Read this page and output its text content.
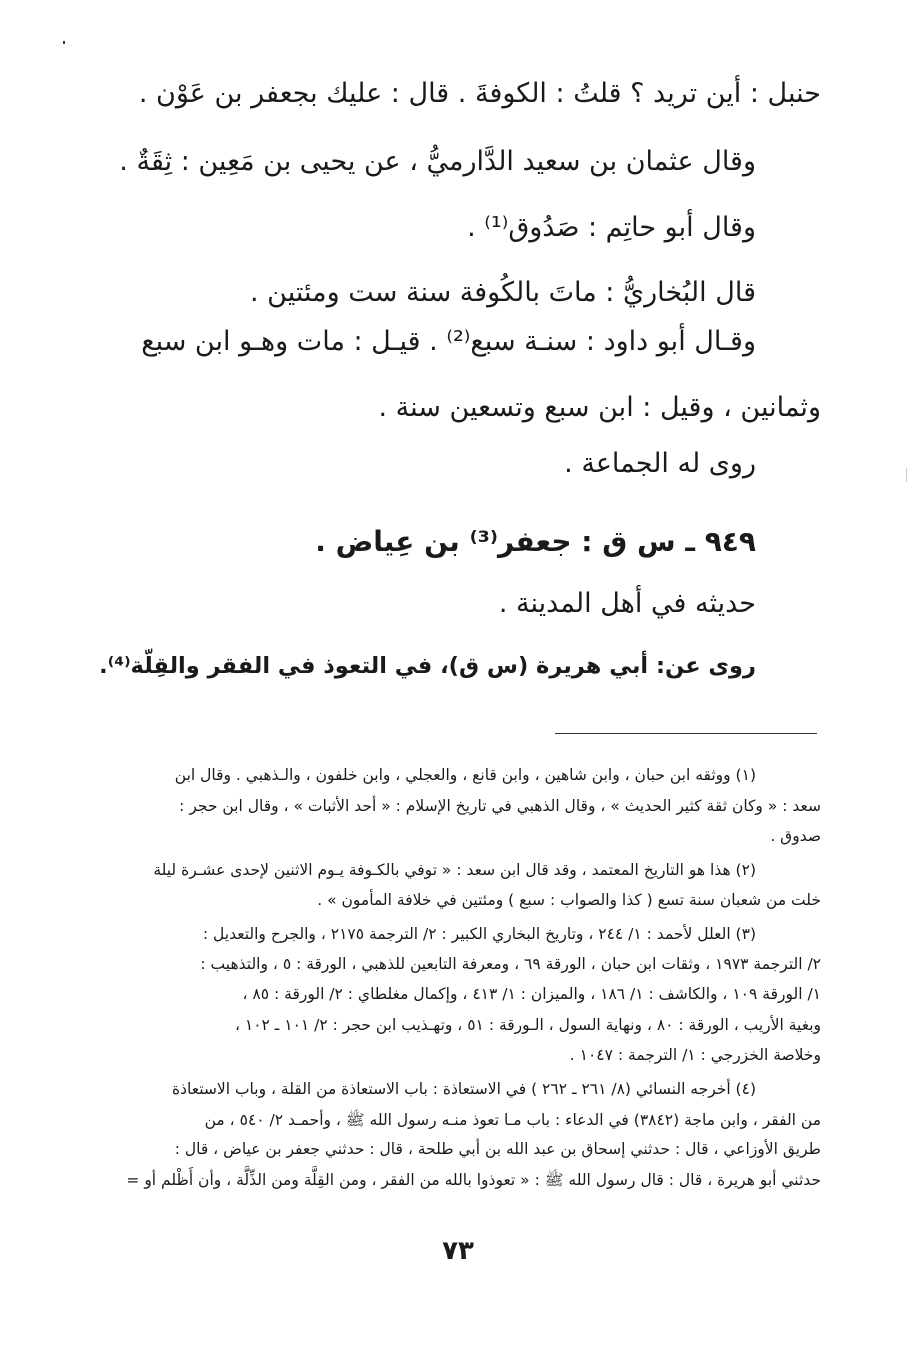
حنبل : أين تريد ؟ قلتُ : الكوفةَ . قال : عليك بجعفر بن عَوْن .
وقال عثمان بن سعيد الدَّارميُّ ، عن يحيى بن مَعِين : ثِقَةٌ .
وقال أبو حاتِم : صَدُوق⁽¹⁾ .
قال البُخاريُّ : ماتَ بالكُوفة سنة ست ومئتين .
وقـال أبو داود : سنـة سبع⁽²⁾ . قيـل : مات وهـو ابن سبع
وثمانين ، وقيل : ابن سبع وتسعين سنة .
روى له الجماعة .
٩٤٩ ـ س ق : جعفر⁽³⁾ بن عِياض .
حديثه في أهل المدينة .
روى عن: أبي هريرة (س ق)، في التعوذ في الفقر والقِلّة⁽⁴⁾.
(١) ووثقه ابن حبان ، وابن شاهين ، وابن قانع ، والعجلي ، وابن خلفون ، والـذهبي . وقال ابن
سعد : « وكان ثقة كثير الحديث » ، وقال الذهبي في تاريخ الإسلام : « أحد الأثبات » ، وقال ابن حجر :
صدوق .
(٢) هذا هو التاريخ المعتمد ، وقد قال ابن سعد : « توفي بالكـوفة يـوم الاثنين لإحدى عشـرة ليلة
خلت من شعبان سنة تسع ( كذا والصواب : سبع ) ومئتين في خلافة المأمون » .
(٣) العلل لأحمد : ١/ ٢٤٤ ، وتاريخ البخاري الكبير : ٢/ الترجمة ٢١٧٥ ، والجرح والتعديل :
٢/ الترجمة ١٩٧٣ ، وثقات ابن حبان ، الورقة ٦٩ ، ومعرفة التابعين للذهبي ، الورقة : ٥ ، والتذهيب :
١/ الورقة ١٠٩ ، والكاشف : ١/ ١٨٦ ، والميزان : ١/ ٤١٣ ، وإكمال مغلطاي : ٢/ الورقة : ٨٥ ،
وبغية الأريب ، الورقة : ٨٠ ، ونهاية السول ، الـورقة : ٥١ ، وتهـذيب ابن حجر : ٢/ ١٠١ ـ ١٠٢ ،
وخلاصة الخزرجي : ١/ الترجمة : ١٠٤٧ .
(٤) أخرجه النسائي (٨/ ٢٦١ ـ ٢٦٢ ) في الاستعاذة : باب الاستعاذة من القلة ، وباب الاستعاذة
من الفقر ، وابن ماجة (٣٨٤٢) في الدعاء : باب مـا تعوذ منـه رسول الله ﷺ ، وأحمـد ٢/ ٥٤٠ ، من
طريق الأوزاعي ، قال : حدثني إسحاق بن عبد الله بن أبي طلحة ، قال : حدثني جعفر بن عياض ، قال :
حدثني أبو هريرة ، قال : قال رسول الله ﷺ : « تعوذوا بالله من الفقر ، ومن القِلَّة ومن الذِّلَّة ، وأن أَظْلم أو =
٧٣
